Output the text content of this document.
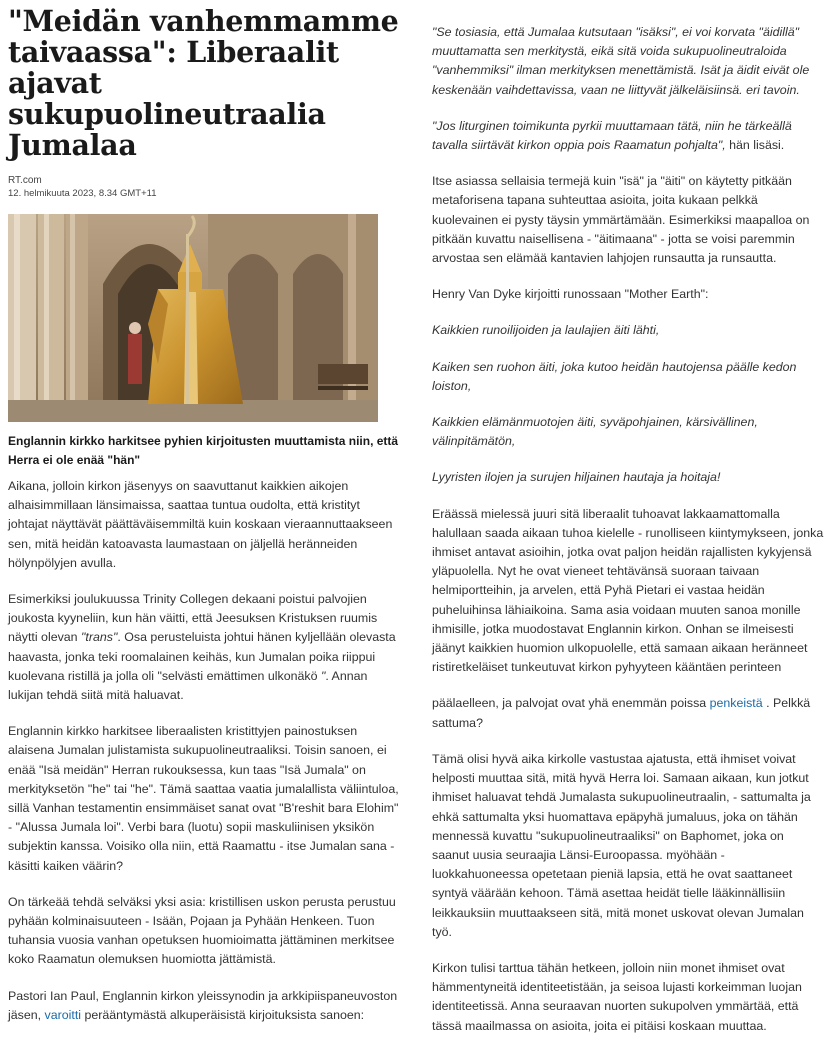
"Meidän vanhemmamme taivaassa": Liberaalit ajavat sukupuolineutraalia Jumalaa
RT.com
12. helmikuuta 2023, 8.34 GMT+11
Englannin kirkko harkitsee pyhien kirjoitusten muuttamista niin, että Herra ei ole enää "hän"

Aikana, jolloin kirkon jäsenyys on saavuttanut kaikkien aikojen alhaisimmillaan länsimaissa, saattaa tuntua oudolta, että kristityt johtajat näyttävät päättäväisemmiltä kuin koskaan vieraannuttaakseen sen, mitä heidän katoavasta laumastaan on jäljellä heränneiden hölynpölyjen avulla.

Esimerkiksi joulukuussa Trinity Collegen dekaani poistui palvojien joukosta kyyneliin, kun hän väitti, että Jeesuksen Kristuksen ruumis näytti olevan "trans". Osa perusteluista johtui hänen kyljellään olevasta haavasta, jonka teki roomalainen keihäs, kun Jumalan poika riippui kuolevana ristillä ja jolla oli "selvästi emättimen ulkonäkö ". Annan lukijan tehdä siitä mitä haluavat.

Englannin kirkko harkitsee liberaalisten kristittyjen painostuksen alaisena Jumalan julistamista sukupuolineutraaliksi. Toisin sanoen, ei enää "Isä meidän" Herran rukouksessa, kun taas "Isä Jumala" on merkityksetön "he" tai "he". Tämä saattaa vaatia jumalallista väliintuloa, sillä Vanhan testamentin ensimmäiset sanat ovat "B'reshit bara Elohim" - "Alussa Jumala loi". Verbi bara (luotu) sopii maskuliinisen yksikön subjektin kanssa. Voisiko olla niin, että Raamattu - itse Jumalan sana - käsitti kaiken väärin?

On tärkeää tehdä selväksi yksi asia: kristillisen uskon perusta perustuu pyhään kolminaisuuteen - Isään, Pojaan ja Pyhään Henkeen. Tuon tuhansia vuosia vanhan opetuksen huomioimatta jättäminen merkitsee koko Raamatun olemuksen huomiotta jättämistä.

Pastori Ian Paul, Englannin kirkon yleissynodin ja arkkipiispaneuvoston jäsen, varoitti perääntymästä alkuperäisistä kirjoituksista sanoen:

"Se tosiasia, että Jumalaa kutsutaan "isäksi", ei voi korvata "äidillä" muuttamatta sen merkitystä, eikä sitä voida sukupuolineutraloida "vanhemmiksi" ilman merkityksen menettämistä. Isät ja äidit eivät ole keskenään vaihdettavissa, vaan ne liittyvät jälkeläisiinsä. eri tavoin.

"Jos liturginen toimikunta pyrkii muuttamaan tätä, niin he tärkeällä tavalla siirtävät kirkon oppia pois Raamatun pohjalta", hän lisäsi.

Itse asiassa sellaisia termejä kuin "isä" ja "äiti" on käytetty pitkään metaforisena tapana suhteuttaa asioita, joita kukaan pelkkä kuolevainen ei pysty täysin ymmärtämään. Esimerkiksi maapalloa on pitkään kuvattu naisellisena - "äitimaana" - jotta se voisi paremmin arvostaa sen elämää kantavien lahjojen runsautta ja runsautta.

Henry Van Dyke kirjoitti runossaan "Mother Earth":

Kaikkien runoilijoiden ja laulajien äiti lähti,

Kaiken sen ruohon äiti, joka kutoo heidän hautojensa päälle kedon loiston,

Kaikkien elämänmuotojen äiti, syväpohjainen, kärsivällinen, välinpitämätön,

Lyyristen ilojen ja surujen hiljainen hautaja ja hoitaja!

Eräässä mielessä juuri sitä liberaalit tuhoavat lakkaamattomalla halullaan saada aikaan tuhoa kielelle - runolliseen kiintymykseen, jonka ihmiset antavat asioihin, jotka ovat paljon heidän rajallisten kykyjensä yläpuolella. Nyt he ovat vieneet tehtävänsä suoraan taivaan helmiportteihin, ja arvelen, että Pyhä Pietari ei vastaa heidän puheluihinsa lähiaikoina. Sama asia voidaan muuten sanoa monille ihmisille, jotka muodostavat Englannin kirkon. Onhan se ilmeisesti jäänyt kaikkien huomion ulkopuolelle, että samaan aikaan heränneet ristiretkeläiset tunkeutuvat kirkon pyhyyteen kääntäen perinteen

päälaelleen, ja palvojat ovat yhä enemmän poissa penkeistä . Pelkkä sattuma?

Tämä olisi hyvä aika kirkolle vastustaa ajatusta, että ihmiset voivat helposti muuttaa sitä, mitä hyvä Herra loi. Samaan aikaan, kun jotkut ihmiset haluavat tehdä Jumalasta sukupuolineutraalin, - sattumalta ja ehkä sattumalta yksi huomattava epäpyhä jumaluus, joka on tähän mennessä kuvattu "sukupuolineutraaliksi" on Baphomet, joka on saanut uusia seuraajia Länsi-Euroopassa. myöhään - luokkahuoneessa opetetaan pieniä lapsia, että he ovat saattaneet syntyä väärään kehoon. Tämä asettaa heidät tielle lääkinnällisiin leikkauksiin muuttaakseen sitä, mitä monet uskovat olevan Jumalan työ.

Kirkon tulisi tarttua tähän hetkeen, jolloin niin monet ihmiset ovat hämmentyneitä identiteetistään, ja seisoa lujasti korkeimman luojan identiteetissä. Anna seuraavan nuorten sukupolven ymmärtää, että tässä maailmassa on asioita, joita ei pitäisi koskaan muuttaa.
